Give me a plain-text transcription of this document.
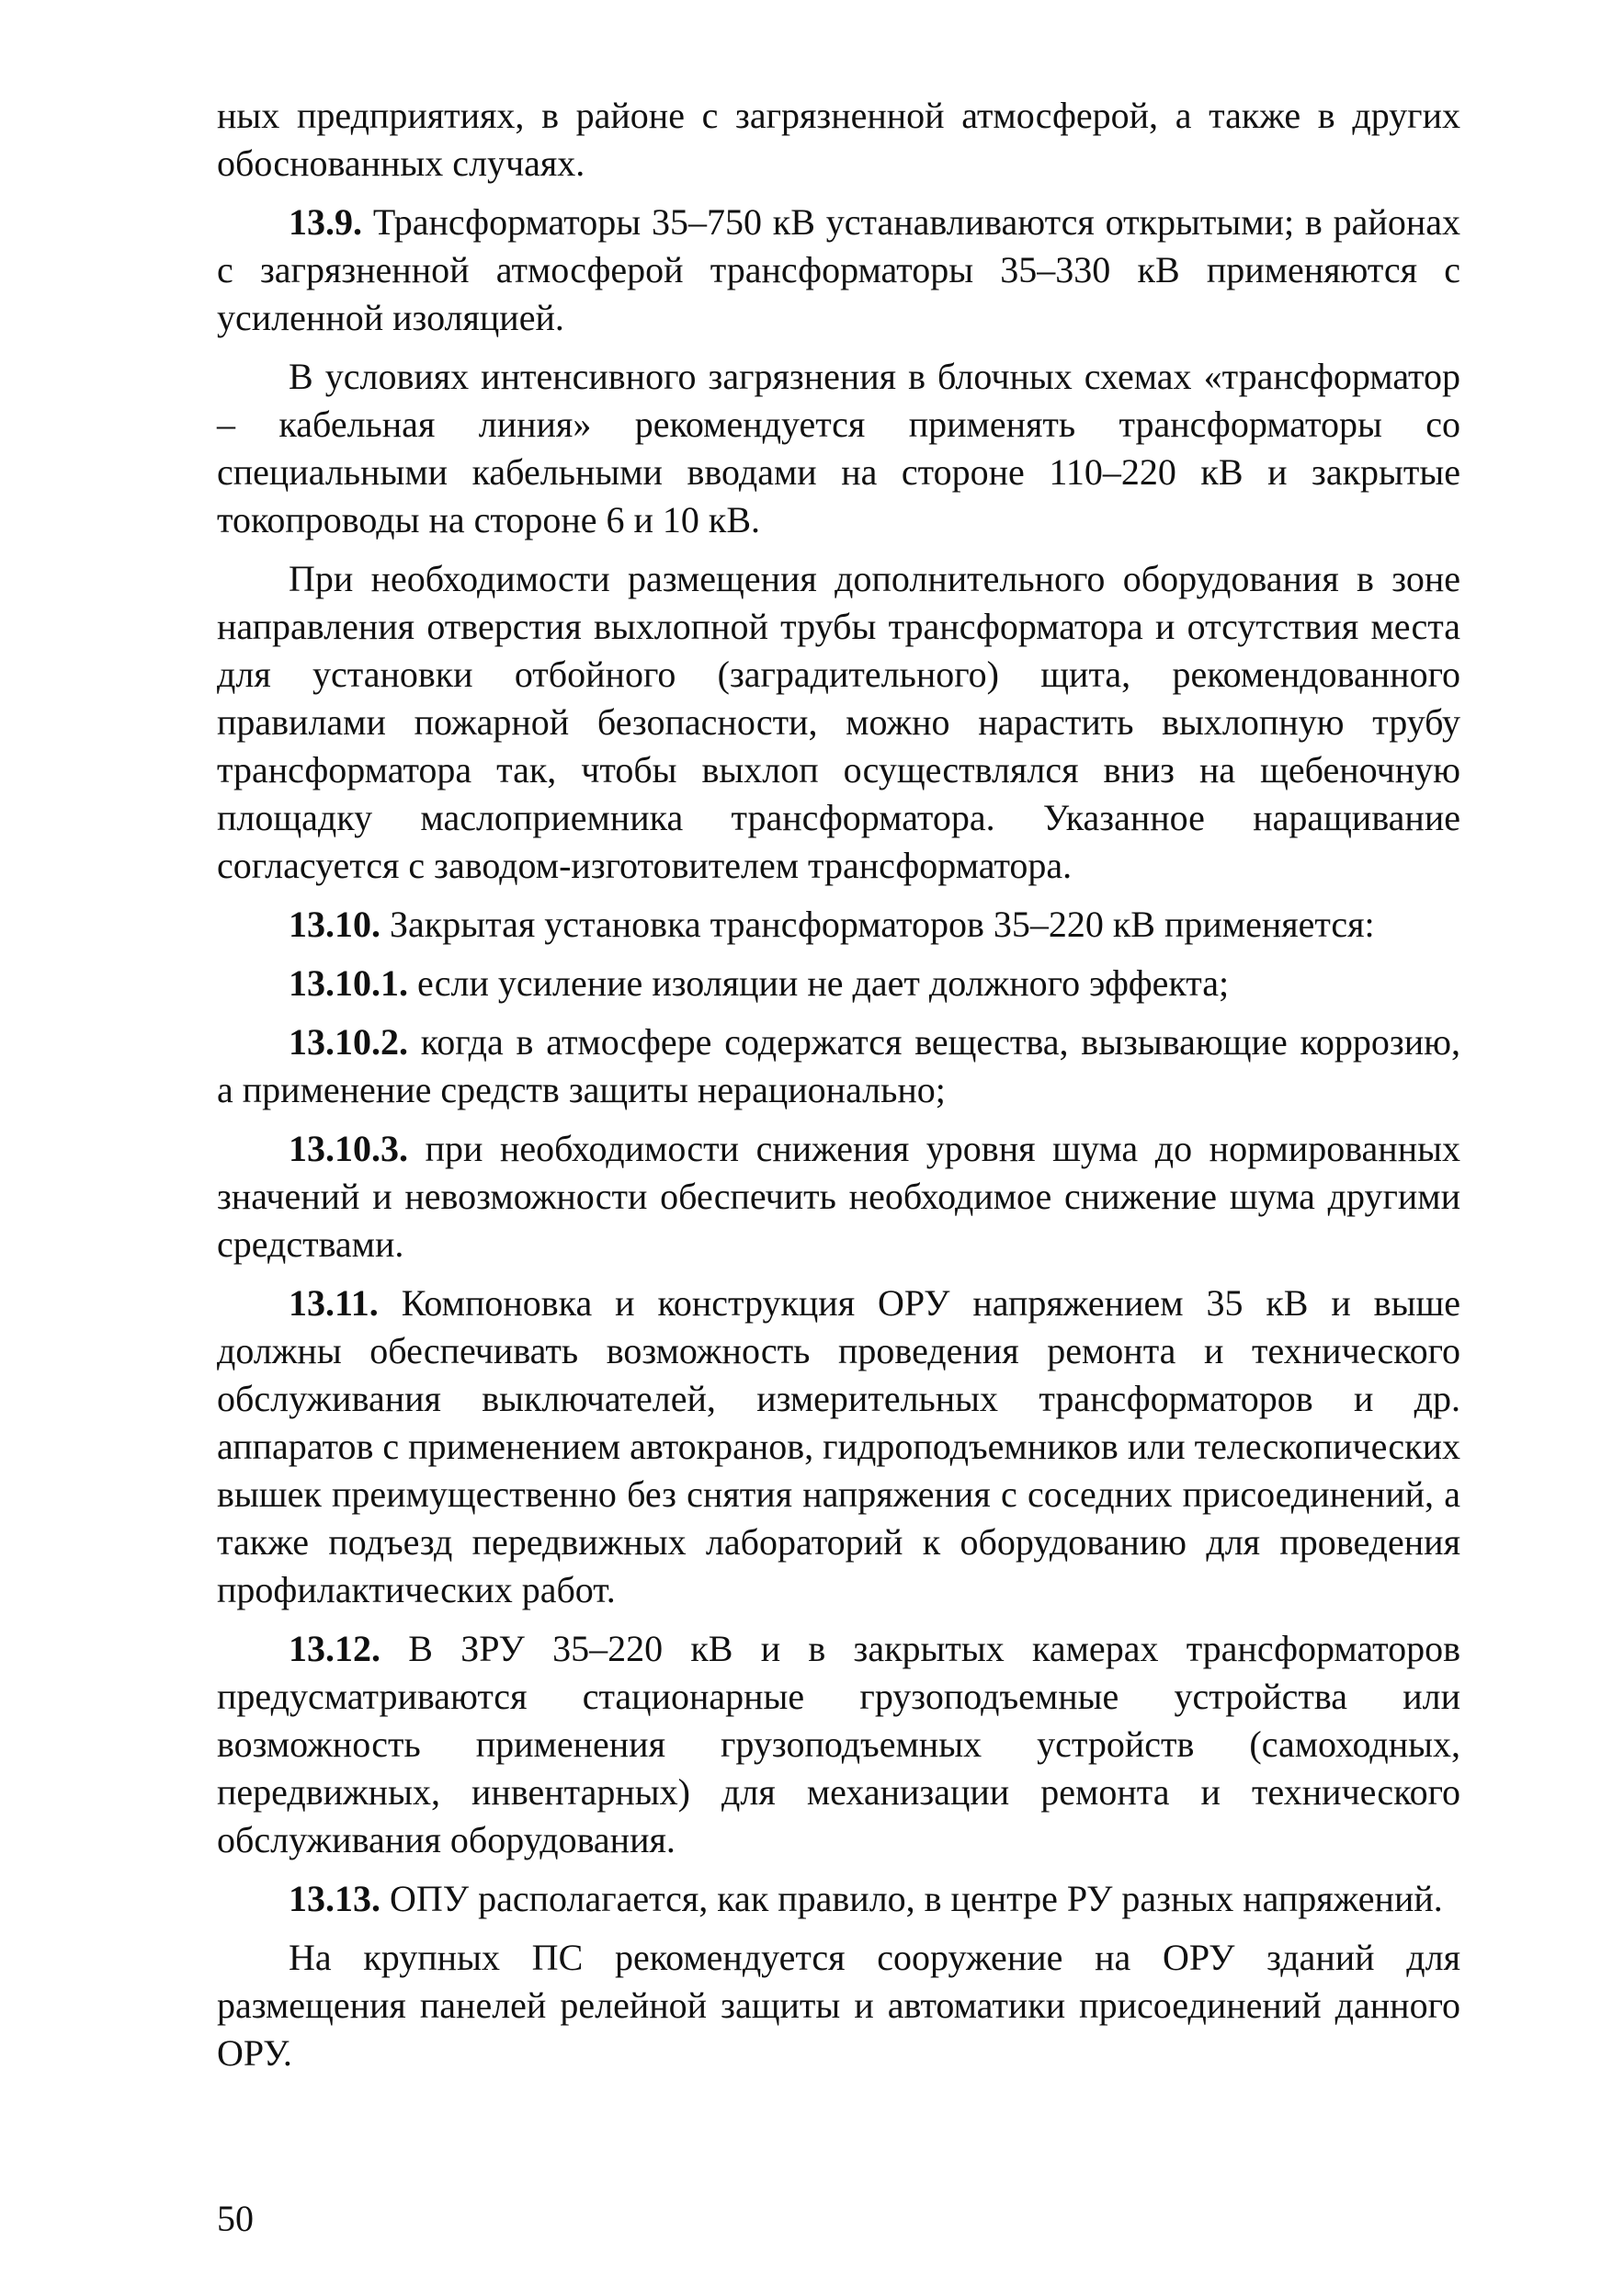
ных предприятиях, в районе с загрязненной атмосферой, а также в других обоснованных случаях.

13.9. Трансформаторы 35–750 кВ устанавливаются открытыми; в районах с загрязненной атмосферой трансформаторы 35–330 кВ применяются с усиленной изоляцией.

В условиях интенсивного загрязнения в блочных схемах «трансформатор – кабельная линия» рекомендуется применять трансформаторы со специальными кабельными вводами на стороне 110–220 кВ и закрытые токопроводы на стороне 6 и 10 кВ.

При необходимости размещения дополнительного оборудования в зоне направления отверстия выхлопной трубы трансформатора и отсутствия места для установки отбойного (заградительного) щита, рекомендованного правилами пожарной безопасности, можно нарастить выхлопную трубу трансформатора так, чтобы выхлоп осуществлялся вниз на щебеночную площадку маслоприемника трансформатора. Указанное наращивание согласуется с заводом-изготовителем трансформатора.

13.10. Закрытая установка трансформаторов 35–220 кВ применяется:

13.10.1. если усиление изоляции не дает должного эффекта;

13.10.2. когда в атмосфере содержатся вещества, вызывающие коррозию, а применение средств защиты нерационально;

13.10.3. при необходимости снижения уровня шума до нормированных значений и невозможности обеспечить необходимое снижение шума другими средствами.

13.11. Компоновка и конструкция ОРУ напряжением 35 кВ и выше должны обеспечивать возможность проведения ремонта и технического обслуживания выключателей, измерительных трансформаторов и др. аппаратов с применением автокранов, гидроподъемников или телескопических вышек преимущественно без снятия напряжения с соседних присоединений, а также подъезд передвижных лабораторий к оборудованию для проведения профилактических работ.

13.12. В ЗРУ 35–220 кВ и в закрытых камерах трансформаторов предусматриваются стационарные грузоподъемные устройства или возможность применения грузоподъемных устройств (самоходных, передвижных, инвентарных) для механизации ремонта и технического обслуживания оборудования.

13.13. ОПУ располагается, как правило, в центре РУ разных напряжений.

На крупных ПС рекомендуется сооружение на ОРУ зданий для размещения панелей релейной защиты и автоматики присоединений данного ОРУ.

50
